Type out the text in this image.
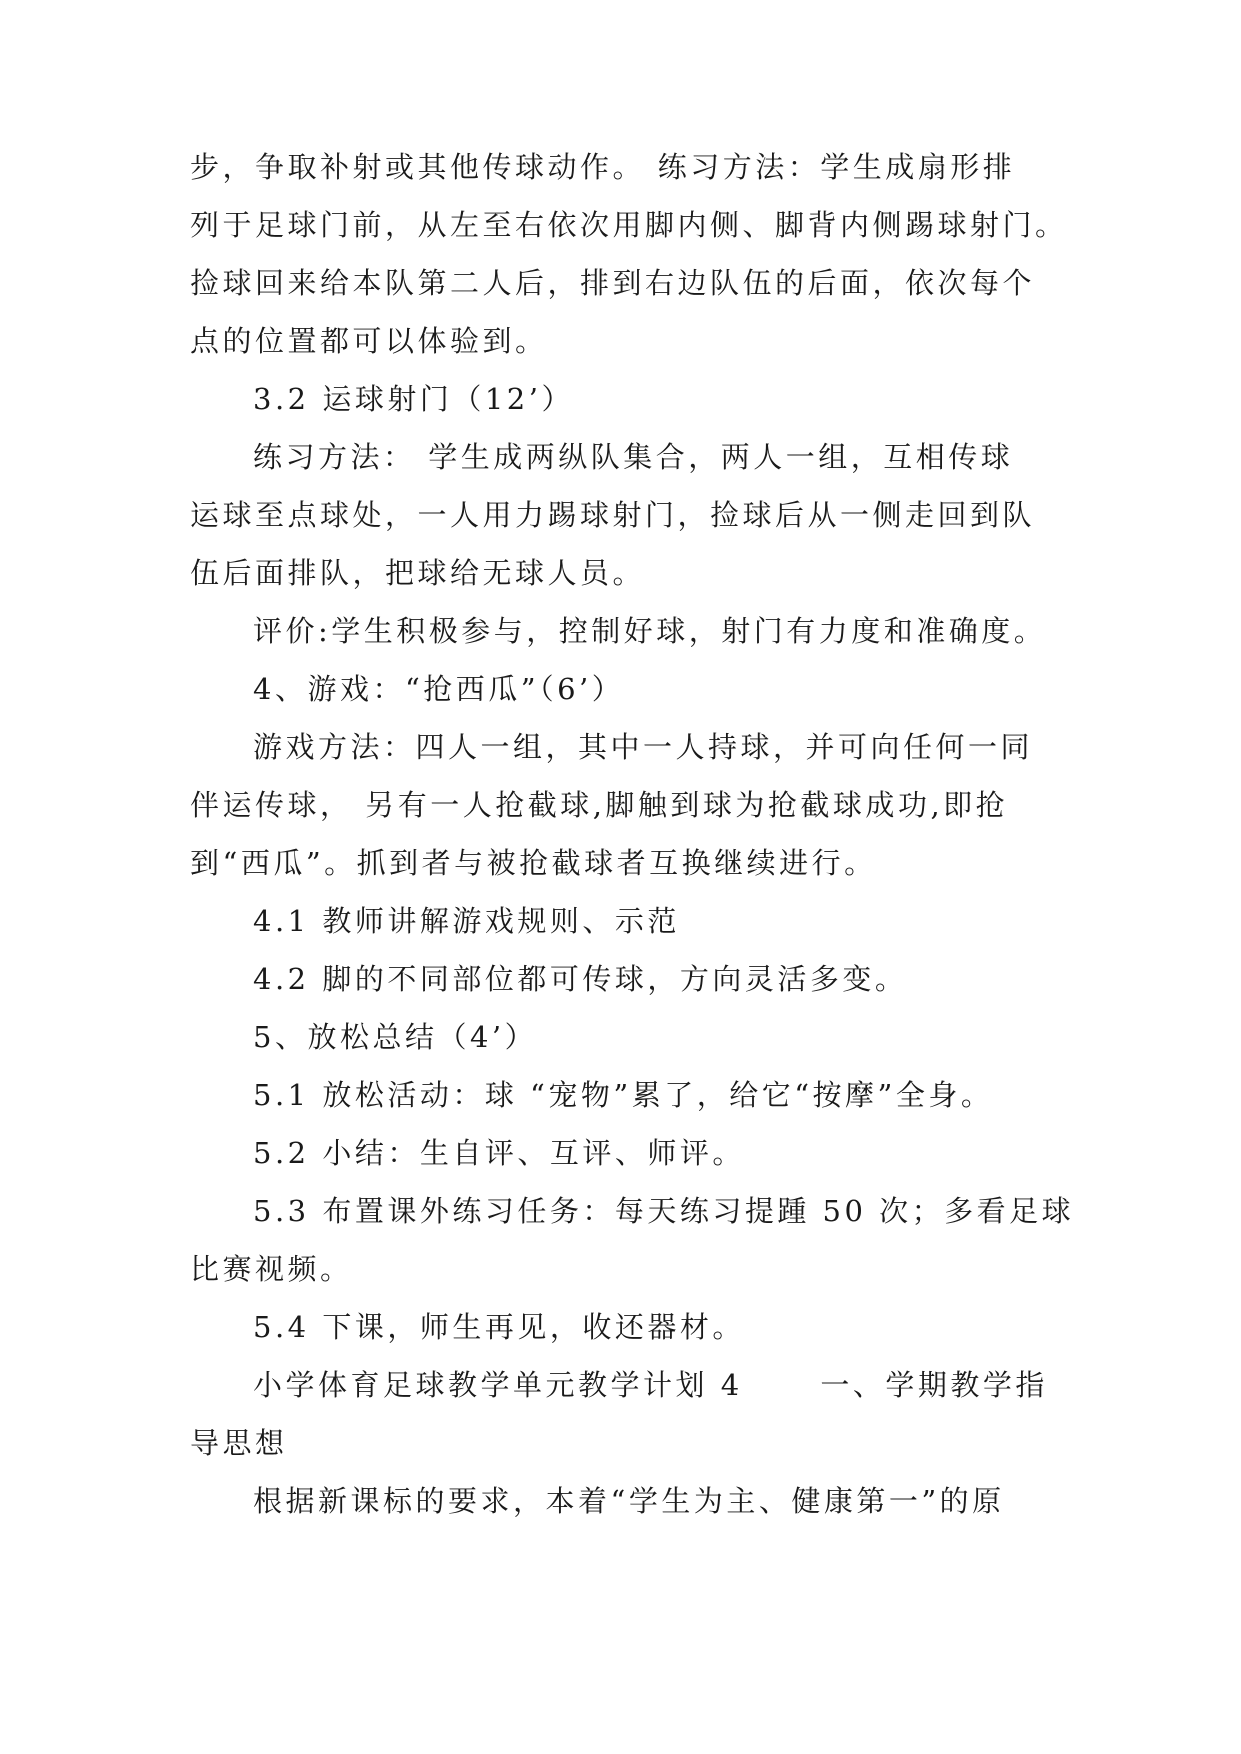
步，争取补射或其他传球动作。 练习方法：学生成扇形排

列于足球门前，从左至右依次用脚内侧、脚背内侧踢球射门。

捡球回来给本队第二人后，排到右边队伍的后面，依次每个

点的位置都可以体验到。

3.2 运球射门（12’）

练习方法： 学生成两纵队集合，两人一组，互相传球

运球至点球处，一人用力踢球射门，捡球后从一侧走回到队

伍后面排队，把球给无球人员。

评价:学生积极参与，控制好球，射门有力度和准确度。

4、游戏：“抢西瓜”（6’）

游戏方法：四人一组，其中一人持球，并可向任何一同

伴运传球， 另有一人抢截球,脚触到球为抢截球成功,即抢

到“西瓜”。抓到者与被抢截球者互换继续进行。

4.1 教师讲解游戏规则、示范

4.2 脚的不同部位都可传球，方向灵活多变。

5、放松总结（4’）

5.1 放松活动：球 “宠物”累了，给它“按摩”全身。

5.2 小结：生自评、互评、师评。

5.3 布置课外练习任务：每天练习提踵 50 次；多看足球

比赛视频。

5.4 下课，师生再见，收还器材。

小学体育足球教学单元教学计划 4 　　一、学期教学指

导思想

根据新课标的要求，本着“学生为主、健康第一”的原
